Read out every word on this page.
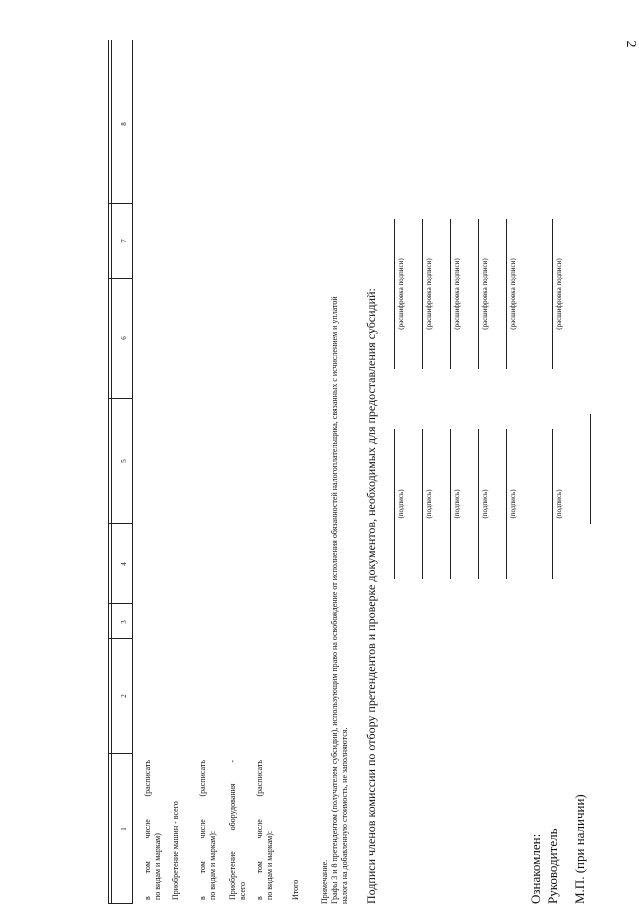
2
1
2
3
4
5
6
7
8
в том числе (расписать по видам и маркам) Приобретение машин - всего в том числе (расписать по видам и маркам): Приобретение оборудования - всего в том числе (расписать по видам и маркам): Итого	Примечание. Графы 3 и 8 претендентом (получателем субсидии), использующим право на освобождение от исполнения обязанностей налогоплательщика, связанных с исчислением и уплатой налога на добавленную стоимость, не заполняются. Подписи членов комиссии по отбору претендентов и проверке документов, необходимых для предоставления субсидий:	(подпись)
(расшифровка подписи)
(подпись)
(расшифровка подписи)
(подпись)
(расшифровка подписи)
(подпись)
(расшифровка подписи)
(подпись)
(расшифровка подписи)
Ознакомлен: Руководитель
(подпись)
(расшифровка подписи)
М.П. (при наличии)
